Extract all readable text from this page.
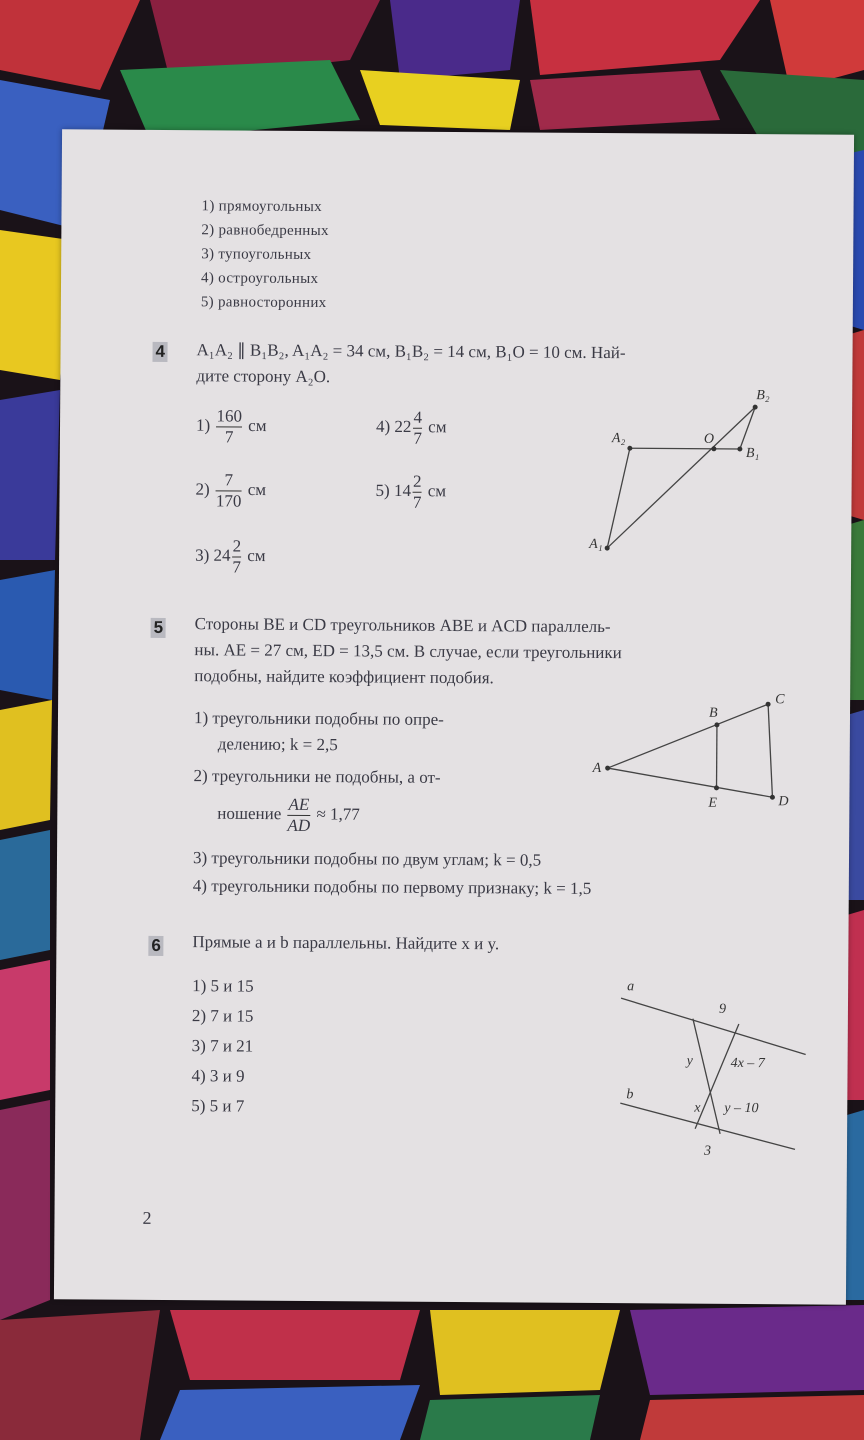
1) прямоугольных
2) равнобедренных
3) тупоугольных
4) остроугольных
5) равносторонних
4 A₁A₂ ∥ B₁B₂, A₁A₂ = 34 см, B₁B₂ = 14 см, B₁O = 10 см. Най-
дите сторону A₂O.
$1) \frac{160}{7}$ см	4) $22 \frac{4}{7}$ см
$2) \frac{7}{170}$ см	5) $14 \frac{2}{7}$ см
3) $24 \frac{2}{7}$ см
A₂	O
B₁
B₂
A₁
5 Стороны BE и CD треугольников ABE и ACD параллель-
ны. AE = 27 см, ED = 13,5 см. В случае, если треугольники
подобны, найдите коэффициент подобия.
1) треугольники подобны по опре-
делению; k = 2,5
2) треугольники не подобны, а от-
ношение $\frac{AE}{AD} \approx 1,77$
3) треугольники подобны по двум углам; k = 0,5
4) треугольники подобны по первому признаку; k = 1,5
A
B
C
D
E
6 Прямые a и b параллельны. Найдите x и y.
1) 5 и 15
2) 7 и 15
3) 7 и 21
4) 3 и 9
5) 5 и 7
a
b
9
y	4x – 7
x y – 10
3
2
